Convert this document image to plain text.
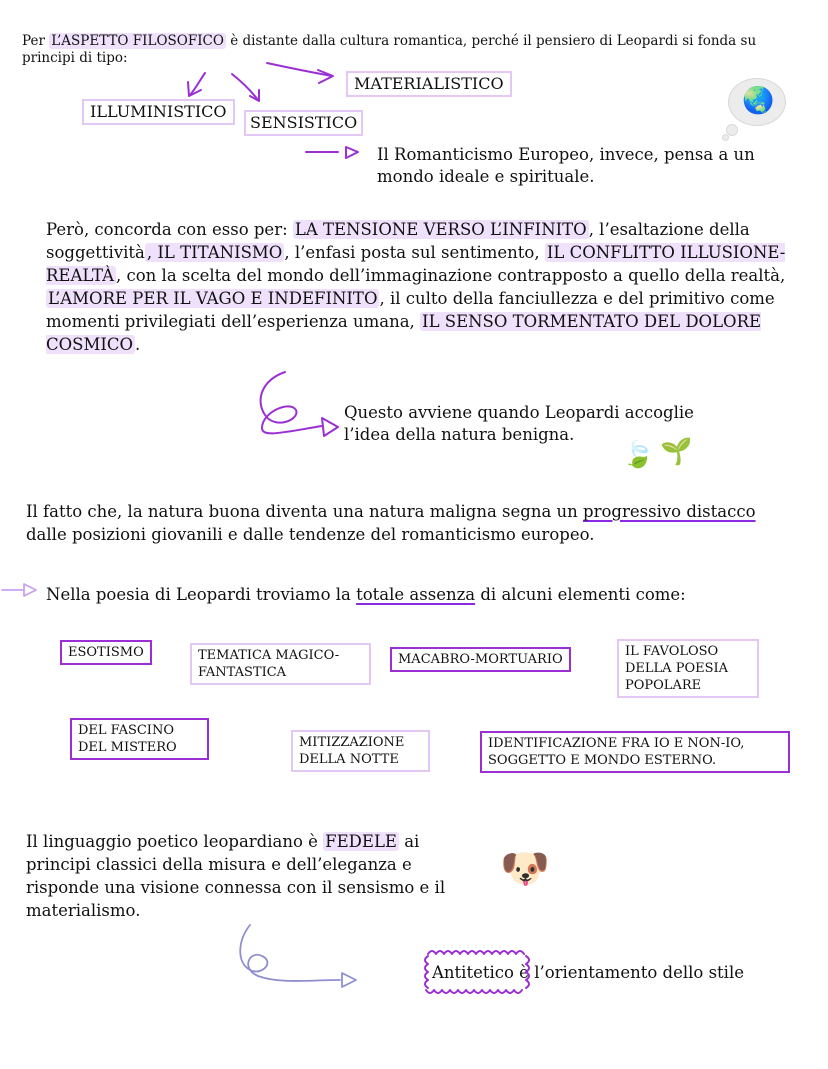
Per L’ASPETTO FILOSOFICO è distante dalla cultura romantica, perché il pensiero di Leopardi si fonda su principi di tipo:
MATERIALISTICO
ILLUMINISTICO
SENSISTICO
🌏
Il Romanticismo Europeo, invece, pensa a un mondo ideale e spirituale.
Però, concorda con esso per: LA TENSIONE VERSO L’INFINITO , l’esaltazione della soggettività , IL TITANISMO , l’enfasi posta sul sentimento, IL CONFLITTO ILLUSIONE-REALTÀ , con la scelta del mondo dell’immaginazione contrapposto a quello della realtà, L’AMORE PER IL VAGO E INDEFINITO , il culto della fanciullezza e del primitivo come momenti privilegiati dell’esperienza umana, IL SENSO TORMENTATO DEL DOLORE COSMICO .
Questo avviene quando Leopardi accoglie l’idea della natura benigna.
🍃 🌱
Il fatto che, la natura buona diventa una natura maligna segna un progressivo distacco dalle posizioni giovanili e dalle tendenze del romanticismo europeo.
Nella poesia di Leopardi troviamo la totale assenza di alcuni elementi come:
ESOTISMO	TEMATICA MAGICO-FANTASTICA
MACABRO-MORTUARIO
IL FAVOLOSO DELLA POESIA POPOLARE
DEL FASCINO DEL MISTERO	MITIZZAZIONE DELLA NOTTE
IDENTIFICAZIONE FRA IO E NON-IO, SOGGETTO E MONDO ESTERNO.
Il linguaggio poetico leopardiano è FEDELE ai principi classici della misura e dell’eleganza e risponde una visione connessa con il sensismo e il materialismo.
🐶
Antitetico è l’orientamento dello stile
